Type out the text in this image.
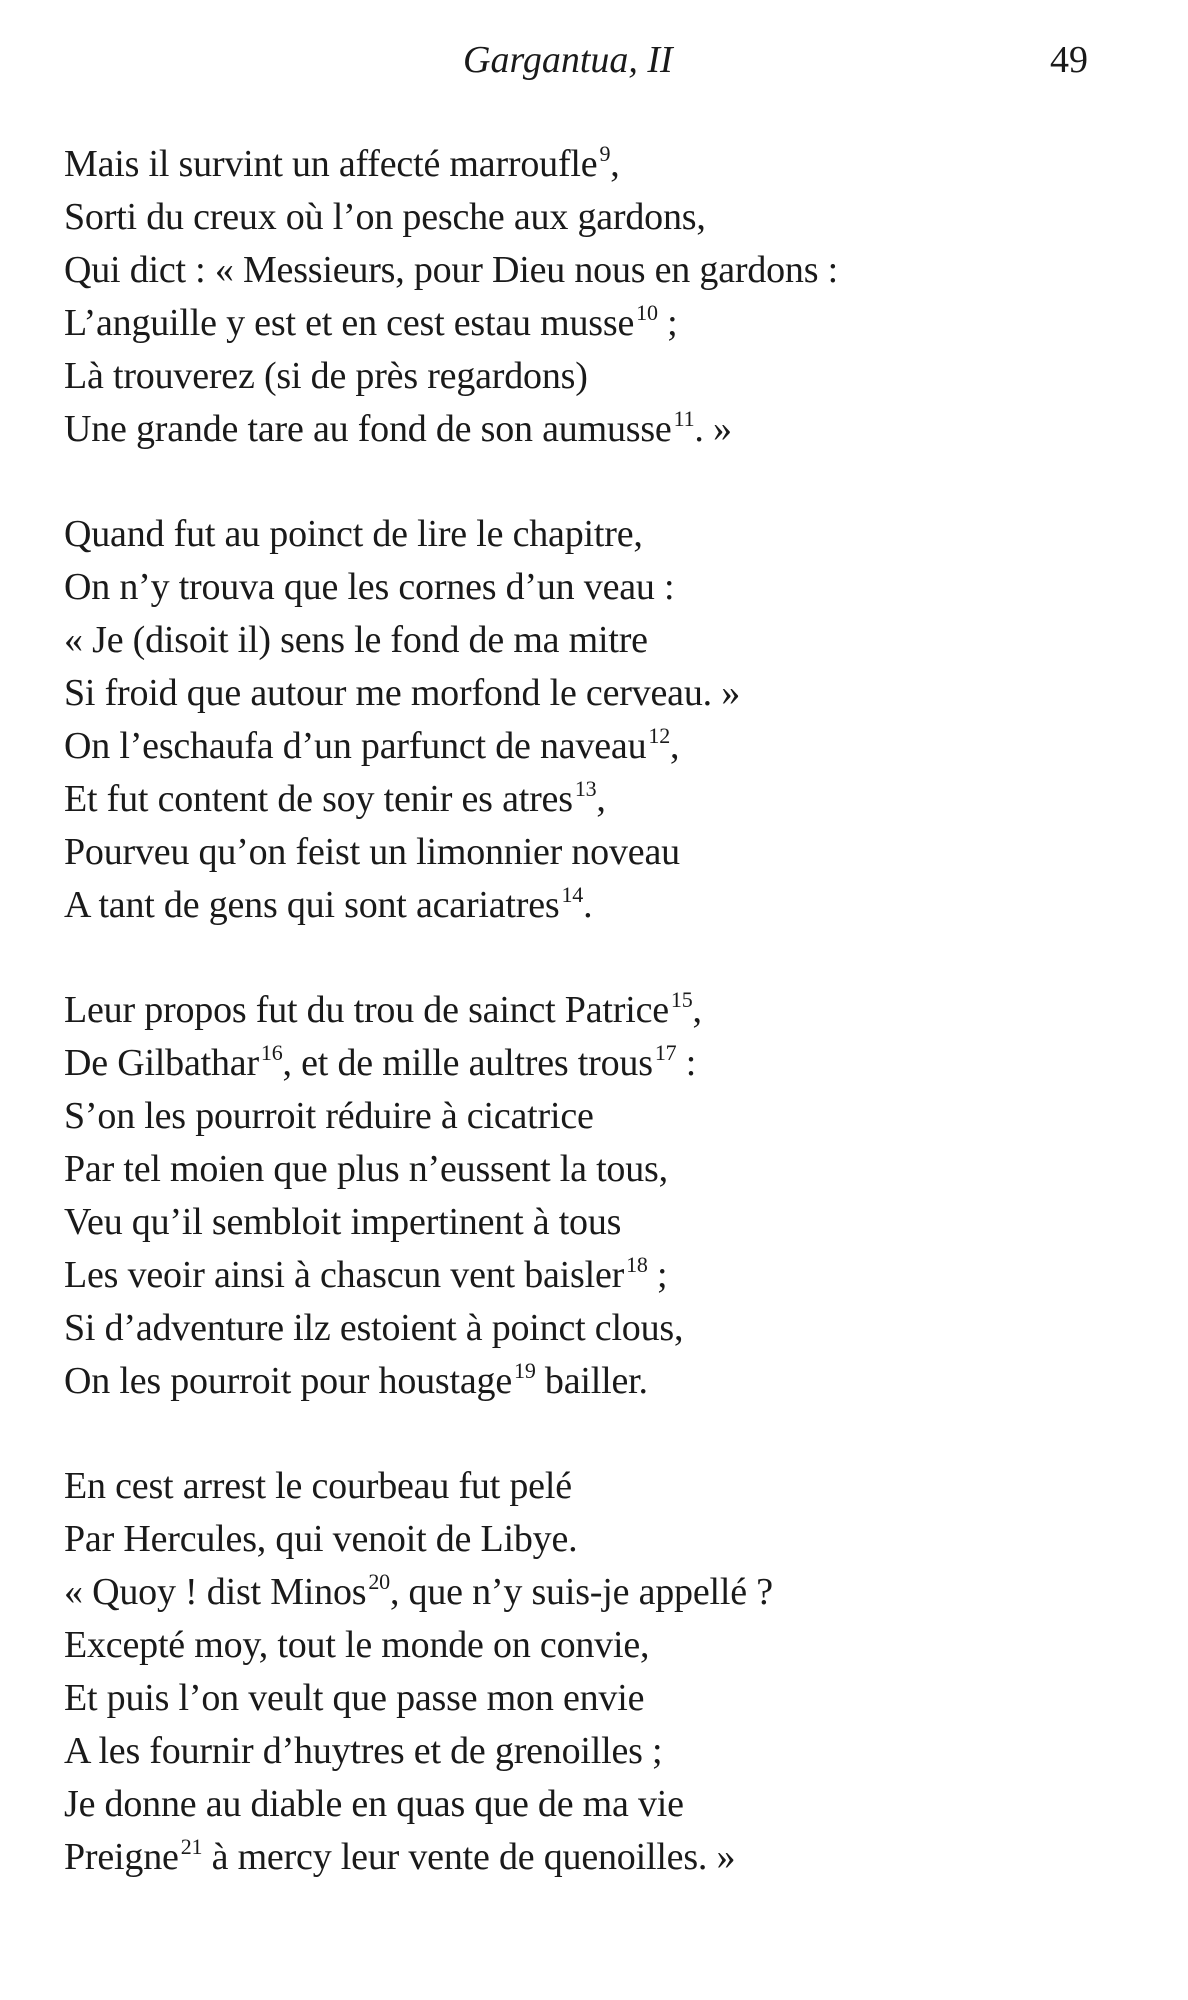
Gargantua, II	49
Mais il survint un affecté marroufle$^9$,
Sorti du creux où l’on pesche aux gardons,
Qui dict : « Messieurs, pour Dieu nous en gardons :
L’anguille y est et en cest estau musse$^{10}$ ;
Là trouverez (si de près regardons)
Une grande tare au fond de son aumusse$^{11}$. »
Quand fut au poinct de lire le chapitre,
On n’y trouva que les cornes d’un veau :
« Je (disoit il) sens le fond de ma mitre
Si froid que autour me morfond le cerveau. »
On l’eschaufa d’un parfunct de naveau$^{12}$,
Et fut content de soy tenir es atres$^{13}$,
Pourveu qu’on feist un limonnier noveau
A tant de gens qui sont acariatres$^{14}$.
Leur propos fut du trou de sainct Patrice$^{15}$,
De Gilbathar$^{16}$, et de mille aultres trous$^{17}$ :
S’on les pourroit réduire à cicatrice
Par tel moien que plus n’eussent la tous,
Veu qu’il sembloit impertinent à tous
Les veoir ainsi à chascun vent baisler$^{18}$ ;
Si d’adventure ilz estoient à poinct clous,
On les pourroit pour houstage$^{19}$ bailler.
En cest arrest le courbeau fut pelé
Par Hercules, qui venoit de Libye.
« Quoy ! dist Minos$^{20}$, que n’y suis-je appellé ?
Excepté moy, tout le monde on convie,
Et puis l’on veult que passe mon envie
A les fournir d’huytres et de grenoilles ;
Je donne au diable en quas que de ma vie
Preigne$^{21}$ à mercy leur vente de quenoilles. »
